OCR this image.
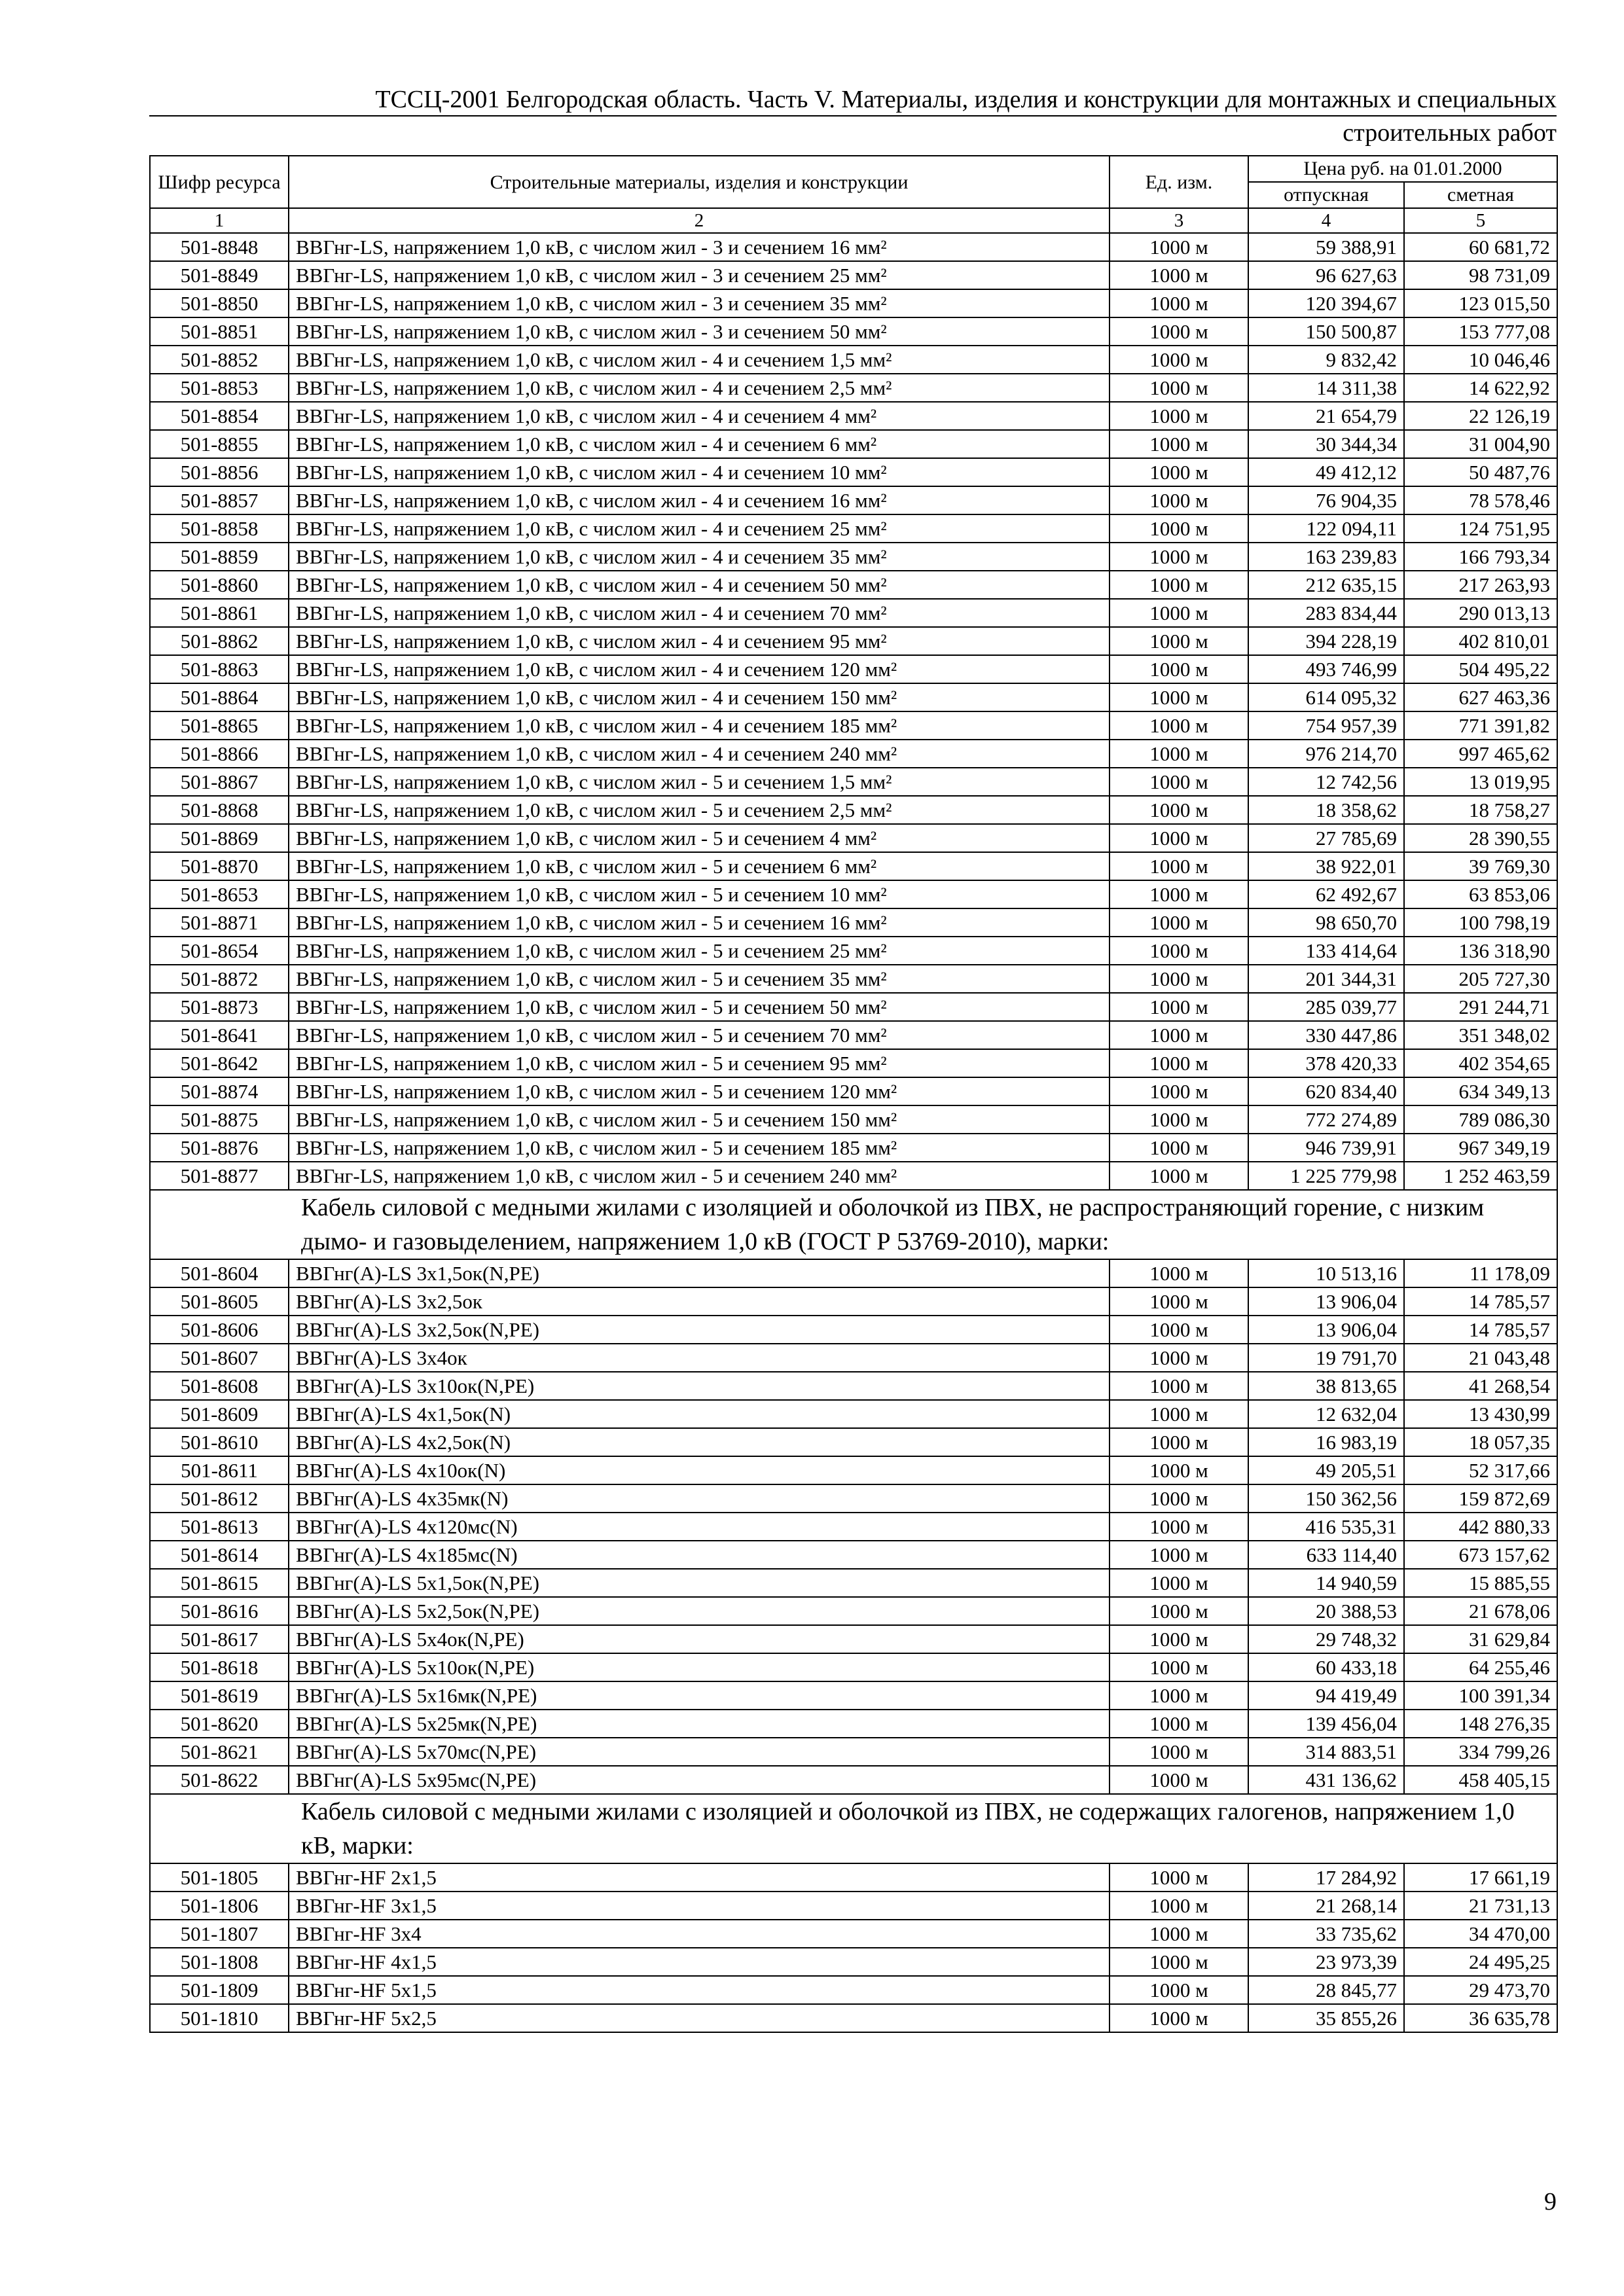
ТССЦ-2001 Белгородская область. Часть V. Материалы, изделия и конструкции для монтажных и специальных
строительных работ
Шифр ресурса	Строительные материалы, изделия и конструкции	Ед. изм.	Цена руб. на 01.01.2000	
			отпускная	сметная
1	2	3	4	5
501-8848	ВВГнг-LS, напряжением 1,0 кВ, с числом жил - 3 и сечением 16 мм²	1000 м	59 388,91	60 681,72
501-8849	ВВГнг-LS, напряжением 1,0 кВ, с числом жил - 3 и сечением 25 мм²	1000 м	96 627,63	98 731,09
501-8850	ВВГнг-LS, напряжением 1,0 кВ, с числом жил - 3 и сечением 35 мм²	1000 м	120 394,67	123 015,50
501-8851	ВВГнг-LS, напряжением 1,0 кВ, с числом жил - 3 и сечением 50 мм²	1000 м	150 500,87	153 777,08
501-8852	ВВГнг-LS, напряжением 1,0 кВ, с числом жил - 4 и сечением 1,5 мм²	1000 м	9 832,42	10 046,46
501-8853	ВВГнг-LS, напряжением 1,0 кВ, с числом жил - 4 и сечением 2,5 мм²	1000 м	14 311,38	14 622,92
501-8854	ВВГнг-LS, напряжением 1,0 кВ, с числом жил - 4 и сечением 4 мм²	1000 м	21 654,79	22 126,19
501-8855	ВВГнг-LS, напряжением 1,0 кВ, с числом жил - 4 и сечением 6 мм²	1000 м	30 344,34	31 004,90
501-8856	ВВГнг-LS, напряжением 1,0 кВ, с числом жил - 4 и сечением 10 мм²	1000 м	49 412,12	50 487,76
501-8857	ВВГнг-LS, напряжением 1,0 кВ, с числом жил - 4 и сечением 16 мм²	1000 м	76 904,35	78 578,46
501-8858	ВВГнг-LS, напряжением 1,0 кВ, с числом жил - 4 и сечением 25 мм²	1000 м	122 094,11	124 751,95
501-8859	ВВГнг-LS, напряжением 1,0 кВ, с числом жил - 4 и сечением 35 мм²	1000 м	163 239,83	166 793,34
501-8860	ВВГнг-LS, напряжением 1,0 кВ, с числом жил - 4 и сечением 50 мм²	1000 м	212 635,15	217 263,93
501-8861	ВВГнг-LS, напряжением 1,0 кВ, с числом жил - 4 и сечением 70 мм²	1000 м	283 834,44	290 013,13
501-8862	ВВГнг-LS, напряжением 1,0 кВ, с числом жил - 4 и сечением 95 мм²	1000 м	394 228,19	402 810,01
501-8863	ВВГнг-LS, напряжением 1,0 кВ, с числом жил - 4 и сечением 120 мм²	1000 м	493 746,99	504 495,22
501-8864	ВВГнг-LS, напряжением 1,0 кВ, с числом жил - 4 и сечением 150 мм²	1000 м	614 095,32	627 463,36
501-8865	ВВГнг-LS, напряжением 1,0 кВ, с числом жил - 4 и сечением 185 мм²	1000 м	754 957,39	771 391,82
501-8866	ВВГнг-LS, напряжением 1,0 кВ, с числом жил - 4 и сечением 240 мм²	1000 м	976 214,70	997 465,62
501-8867	ВВГнг-LS, напряжением 1,0 кВ, с числом жил - 5 и сечением 1,5 мм²	1000 м	12 742,56	13 019,95
501-8868	ВВГнг-LS, напряжением 1,0 кВ, с числом жил - 5 и сечением 2,5 мм²	1000 м	18 358,62	18 758,27
501-8869	ВВГнг-LS, напряжением 1,0 кВ, с числом жил - 5 и сечением 4 мм²	1000 м	27 785,69	28 390,55
501-8870	ВВГнг-LS, напряжением 1,0 кВ, с числом жил - 5 и сечением 6 мм²	1000 м	38 922,01	39 769,30
501-8653	ВВГнг-LS, напряжением 1,0 кВ, с числом жил - 5 и сечением 10 мм²	1000 м	62 492,67	63 853,06
501-8871	ВВГнг-LS, напряжением 1,0 кВ, с числом жил - 5 и сечением 16 мм²	1000 м	98 650,70	100 798,19
501-8654	ВВГнг-LS, напряжением 1,0 кВ, с числом жил - 5 и сечением 25 мм²	1000 м	133 414,64	136 318,90
501-8872	ВВГнг-LS, напряжением 1,0 кВ, с числом жил - 5 и сечением 35 мм²	1000 м	201 344,31	205 727,30
501-8873	ВВГнг-LS, напряжением 1,0 кВ, с числом жил - 5 и сечением 50 мм²	1000 м	285 039,77	291 244,71
501-8641	ВВГнг-LS, напряжением 1,0 кВ, с числом жил - 5 и сечением 70 мм²	1000 м	330 447,86	351 348,02
501-8642	ВВГнг-LS, напряжением 1,0 кВ, с числом жил - 5 и сечением 95 мм²	1000 м	378 420,33	402 354,65
501-8874	ВВГнг-LS, напряжением 1,0 кВ, с числом жил - 5 и сечением 120 мм²	1000 м	620 834,40	634 349,13
501-8875	ВВГнг-LS, напряжением 1,0 кВ, с числом жил - 5 и сечением 150 мм²	1000 м	772 274,89	789 086,30
501-8876	ВВГнг-LS, напряжением 1,0 кВ, с числом жил - 5 и сечением 185 мм²	1000 м	946 739,91	967 349,19
501-8877	ВВГнг-LS, напряжением 1,0 кВ, с числом жил - 5 и сечением 240 мм²	1000 м	1 225 779,98	1 252 463,59
Кабель силовой с медными жилами с изоляцией и оболочкой из ПВХ, не распространяющий горение, с низким дымо- и газовыделением, напряжением 1,0 кВ (ГОСТ Р 53769-2010), марки:				
501-8604	ВВГнг(А)-LS 3х1,5ок(N,PE)	1000 м	10 513,16	11 178,09
501-8605	ВВГнг(А)-LS 3х2,5ок	1000 м	13 906,04	14 785,57
501-8606	ВВГнг(А)-LS 3х2,5ок(N,PE)	1000 м	13 906,04	14 785,57
501-8607	ВВГнг(А)-LS 3х4ок	1000 м	19 791,70	21 043,48
501-8608	ВВГнг(А)-LS 3х10ок(N,PE)	1000 м	38 813,65	41 268,54
501-8609	ВВГнг(А)-LS 4х1,5ок(N)	1000 м	12 632,04	13 430,99
501-8610	ВВГнг(А)-LS 4х2,5ок(N)	1000 м	16 983,19	18 057,35
501-8611	ВВГнг(А)-LS 4х10ок(N)	1000 м	49 205,51	52 317,66
501-8612	ВВГнг(А)-LS 4х35мк(N)	1000 м	150 362,56	159 872,69
501-8613	ВВГнг(А)-LS 4х120мс(N)	1000 м	416 535,31	442 880,33
501-8614	ВВГнг(А)-LS 4х185мс(N)	1000 м	633 114,40	673 157,62
501-8615	ВВГнг(А)-LS 5х1,5ок(N,PE)	1000 м	14 940,59	15 885,55
501-8616	ВВГнг(А)-LS 5х2,5ок(N,PE)	1000 м	20 388,53	21 678,06
501-8617	ВВГнг(А)-LS 5х4ок(N,PE)	1000 м	29 748,32	31 629,84
501-8618	ВВГнг(А)-LS 5х10ок(N,PE)	1000 м	60 433,18	64 255,46
501-8619	ВВГнг(А)-LS 5х16мк(N,PE)	1000 м	94 419,49	100 391,34
501-8620	ВВГнг(А)-LS 5х25мк(N,PE)	1000 м	139 456,04	148 276,35
501-8621	ВВГнг(А)-LS 5х70мс(N,PE)	1000 м	314 883,51	334 799,26
501-8622	ВВГнг(А)-LS 5х95мс(N,PE)	1000 м	431 136,62	458 405,15
Кабель силовой с медными жилами с изоляцией и оболочкой из ПВХ, не содержащих галогенов, напряжением 1,0 кВ, марки:				
501-1805	ВВГнг-HF 2х1,5	1000 м	17 284,92	17 661,19
501-1806	ВВГнг-HF 3х1,5	1000 м	21 268,14	21 731,13
501-1807	ВВГнг-HF 3х4	1000 м	33 735,62	34 470,00
501-1808	ВВГнг-HF 4х1,5	1000 м	23 973,39	24 495,25
501-1809	ВВГнг-HF 5х1,5	1000 м	28 845,77	29 473,70
501-1810	ВВГнг-HF 5х2,5	1000 м	35 855,26	36 635,78
9
